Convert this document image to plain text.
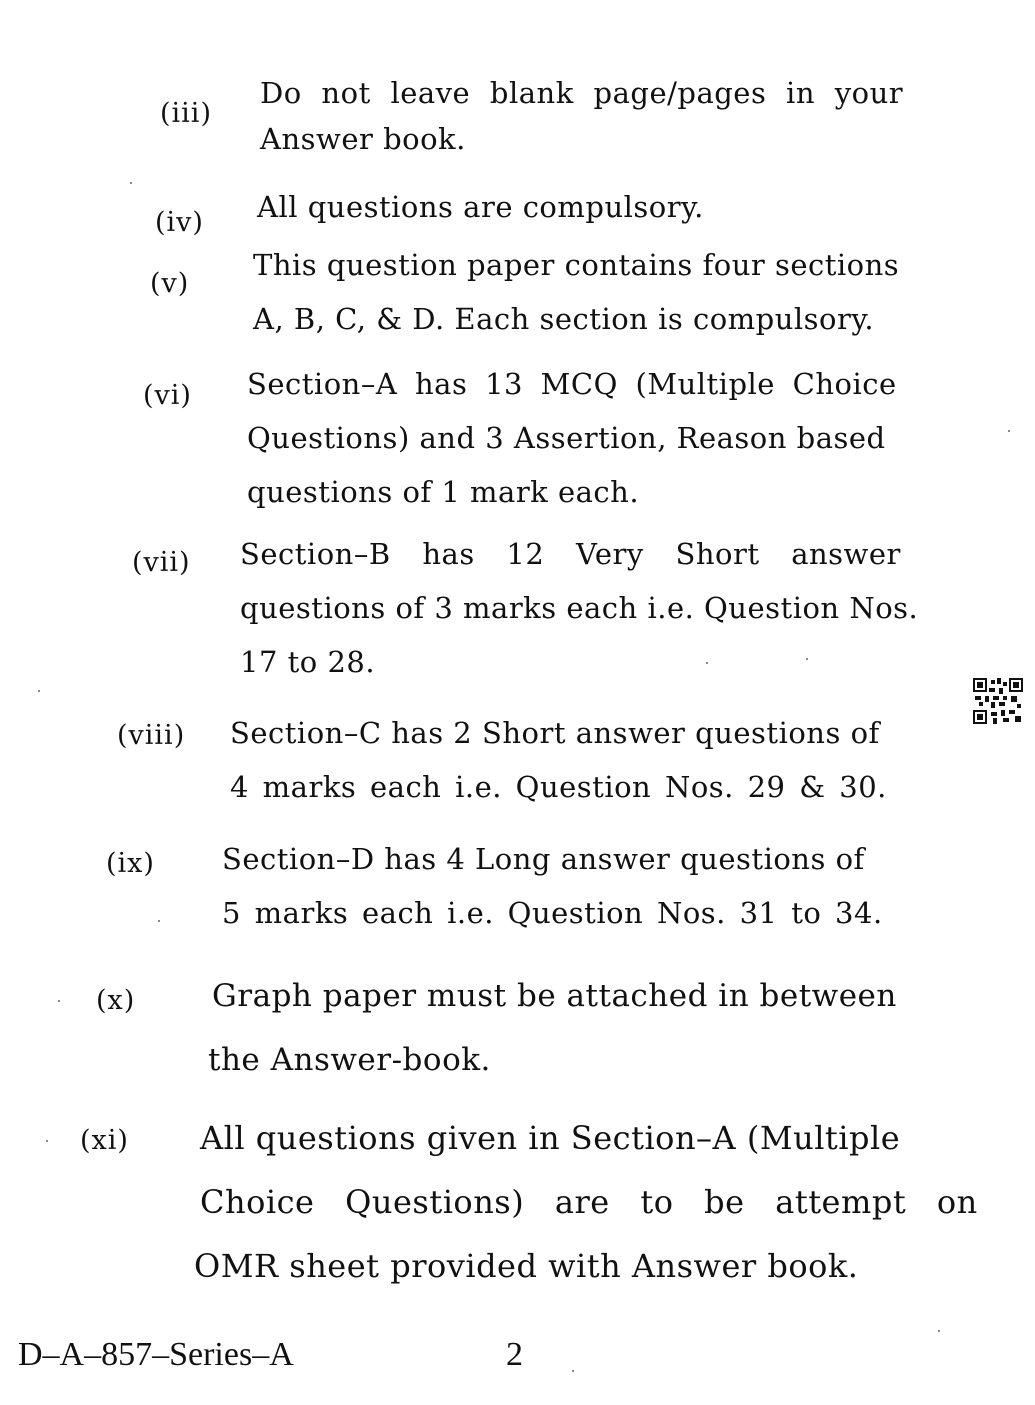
(iii)
Do not leave blank page/pages in your
Answer book.
(iv) All questions are compulsory.
(v)
This question paper contains four sections
A, B, C, & D. Each section is compulsory.
(vi) Section–A has 13 MCQ (Multiple Choice
Questions) and 3 Assertion, Reason based
questions of 1 mark each.
(vii) Section–B has 12 Very Short answer
questions of 3 marks each i.e. Question Nos.
17 to 28.
(viii) Section–C has 2 Short answer questions of
4 marks each i.e. Question Nos. 29 & 30.
(ix) Section–D has 4 Long answer questions of
5 marks each i.e. Question Nos. 31 to 34.
(x) Graph paper must be attached in between
the Answer-book.
(xi) All questions given in Section–A (Multiple
Choice Questions) are to be attempt on
OMR sheet provided with Answer book.
D–A–857–Series–A	2
